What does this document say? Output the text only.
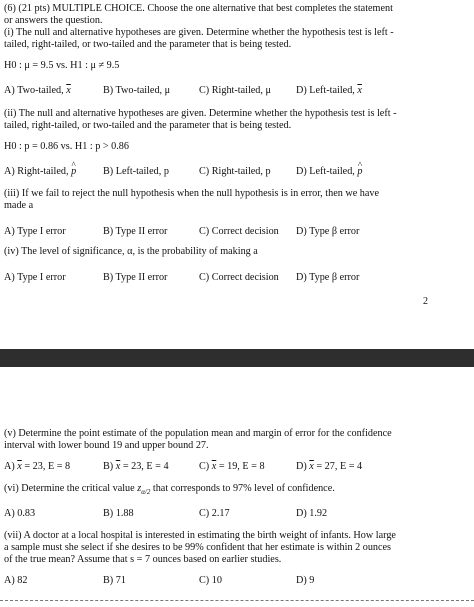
(6) (21 pts) MULTIPLE CHOICE. Choose the one alternative that best completes the statement
or answers the question.
(i) The null and alternative hypotheses are given. Determine whether the hypothesis test is left -
tailed, right-tailed, or two-tailed and the parameter that is being tested.
H0 : μ = 9.5 vs. H1 : μ ≠ 9.5
A) Two-tailed, $\overline{x}$	B) Two-tailed, μ	C) Right-tailed, μ D) Left-tailed, $\overline{x}$
(ii) The null and alternative hypotheses are given. Determine whether the hypothesis test is left -
tailed, right-tailed, or two-tailed and the parameter that is being tested.
H0 : p = 0.86 vs. H1 : p > 0.86
A) Right-tailed, ^ p	B) Left-tailed, p	C) Right-tailed, p D) Left-tailed, ^ p
(iii) If we fail to reject the null hypothesis when the null hypothesis is in error, then we have
made a
A) Type I error	B) Type II error	C) Correct decision D) Type β error
(iv) The level of significance, α, is the probability of making a
A) Type I error	B) Type II error	C) Correct decision D) Type β error
2
(v) Determine the point estimate of the population mean and margin of error for the confidence
interval with lower bound 19 and upper bound 27.
A) $\overline{x} = 23$, E = 8	B) $\overline{x} = 23$, E = 4	C) $\overline{x} = 19$, E = 8	D) $\overline{x} = 27$, E = 4
(vi) Determine the critical value $z_{\alpha/2}$ that corresponds to 97% level of confidence.
A) 0.83	B) 1.88	C) 2.17	D) 1.92
(vii) A doctor at a local hospital is interested in estimating the birth weight of infants. How large
a sample must she select if she desires to be 99% confident that her estimate is within 2 ounces
of the true mean? Assume that s = 7 ounces based on earlier studies.
A) 82	B) 71	C) 10	D) 9
